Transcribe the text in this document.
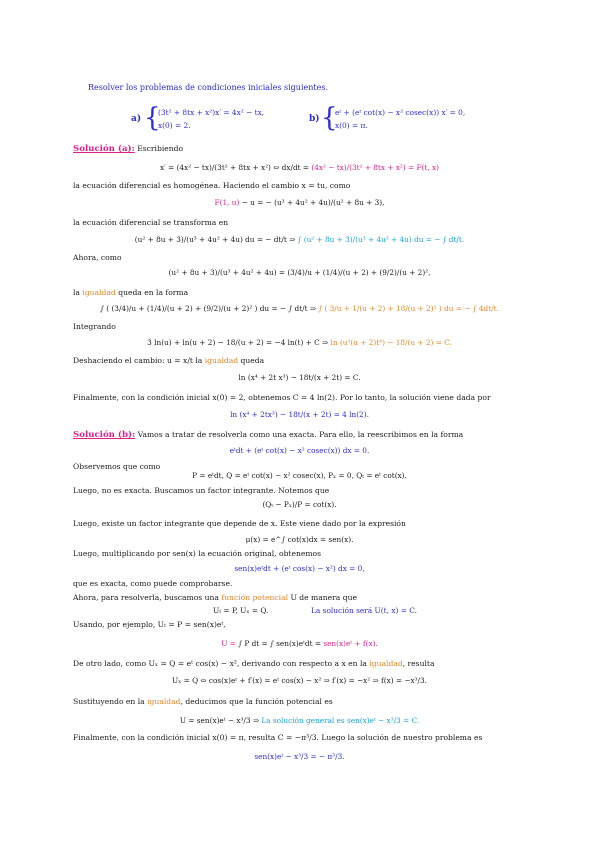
Resolver los problemas de condiciones iniciales siguientes.
a) {
(3t² + 8tx + x²)x′ = 4x² − tx,
x(0) = 2.
b) {
eᵗ + (eᵗ cot(x) − x² cosec(x)) x′ = 0,
x(0) = π.
Solución (a): Escribiendo
x′ = (4x² − tx)/(3t² + 8tx + x²) ⇔ dx/dt = (4x² − tx)/(3t² + 8tx + x²) = F(t, x)
la ecuación diferencial es homogénea. Haciendo el cambio x = tu, como
F(1, u) − u = − (u³ + 4u² + 4u)/(u² + 8u + 3),
la ecuación diferencial se transforma en
(u² + 8u + 3)/(u³ + 4u² + 4u) du = − dt/t ⇒ ∫ (u² + 8u + 3)/(u³ + 4u² + 4u) du = − ∫ dt/t.
Ahora, como
(u² + 8u + 3)/(u³ + 4u² + 4u) = (3/4)/u + (1/4)/(u + 2) + (9/2)/(u + 2)²,
la igualdad queda en la forma
∫ ( (3/4)/u + (1/4)/(u + 2) + (9/2)/(u + 2)² ) du = − ∫ dt/t ⇒ ∫ ( 3/u + 1/(u + 2) + 18/(u + 2)² ) du = − ∫ 4dt/t.
Integrando
3 ln(u) + ln(u + 2) − 18/(u + 2) = −4 ln(t) + C ⇒ ln (u³(u + 2)t⁴) − 18/(u + 2) = C.
Deshaciendo el cambio: u = x/t la igualdad queda
ln (x⁴ + 2t x³) − 18t/(x + 2t) = C.
Finalmente, con la condición inicial x(0) = 2, obtenemos C = 4 ln(2). Por lo tanto, la solución viene dada por
ln (x⁴ + 2tx³) − 18t/(x + 2t) = 4 ln(2).
Solución (b): Vamos a tratar de resolverla como una exacta. Para ello, la reescribimos en la forma
eᵗdt + (eᵗ cot(x) − x² cosec(x)) dx = 0.
Observemos que como
P = eᵗdt, Q = eᵗ cot(x) − x² cosec(x), Pₓ = 0, Qₜ = eᵗ cot(x).
Luego, no es exacta. Buscamos un factor integrante. Notemos que
(Qₜ − Pₓ)/P = cot(x).
Luego, existe un factor integrante que depende de x. Este viene dado por la expresión
μ(x) = e^∫ cot(x)dx = sen(x).
Luego, multiplicando por sen(x) la ecuación original, obtenemos
sen(x)eᵗdt + (eᵗ cos(x) − x²) dx = 0,
que es exacta, como puede comprobarse.
Ahora, para resolverla, buscamos una función potencial U de manera que
Uₜ = P, Uₓ = Q.	La solución será U(t, x) = C.
Usando, por ejemplo, Uₜ = P = sen(x)eᵗ,
U = ∫ P dt = ∫ sen(x)eᵗdt = sen(x)eᵗ + f(x).
De otro lado, como Uₓ = Q = eᵗ cos(x) − x², derivando con respecto a x en la igualdad, resulta
Uₓ = Q ⇔ cos(x)eᵗ + f′(x) = eᵗ cos(x) − x² ⇒ f′(x) = −x² ⇒ f(x) = −x³/3.
Sustituyendo en la igualdad, deducimos que la función potencial es
U = sen(x)eᵗ − x³/3 ⇒ La solución general es sen(x)eᵗ − x³/3 = C.
Finalmente, con la condición inicial x(0) = π, resulta C = −π³/3. Luego la solución de nuestro problema es
sen(x)eᵗ − x³/3 = − π³/3.
